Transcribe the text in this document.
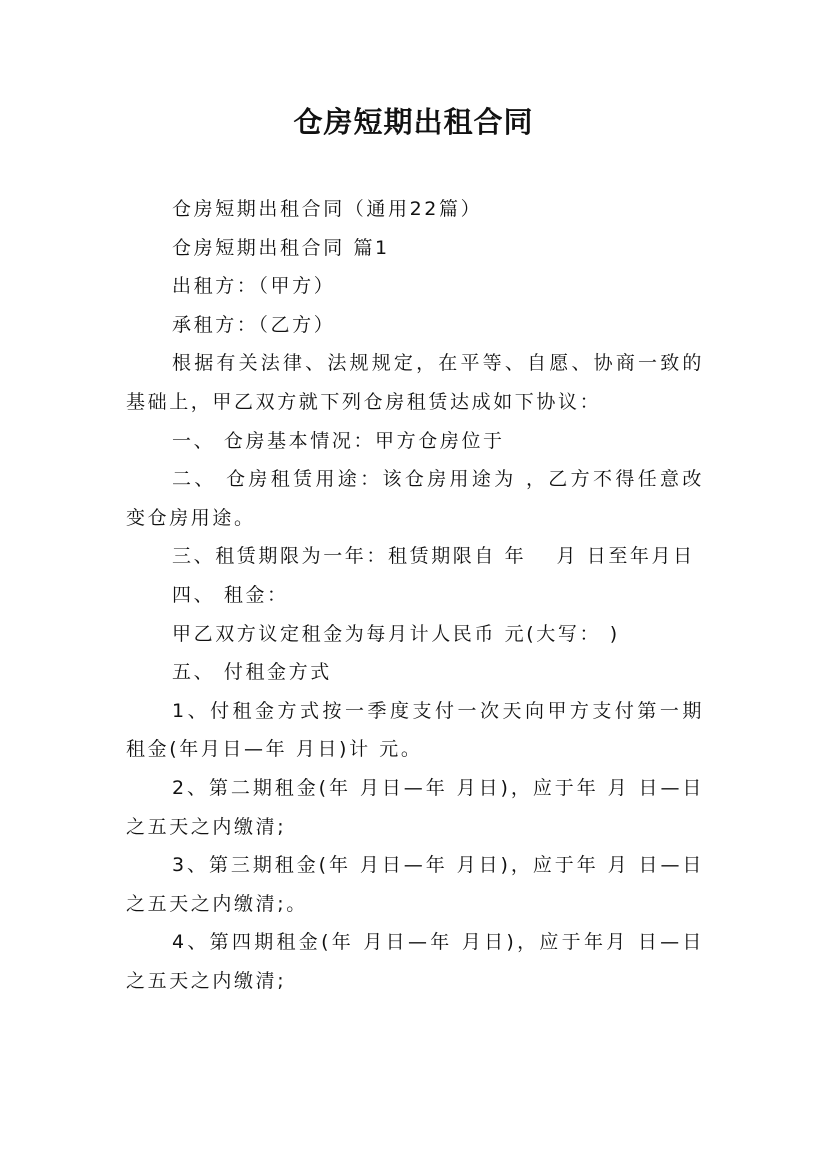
仓房短期出租合同

仓房短期出租合同（通用22篇）

仓房短期出租合同 篇1

出租方：（甲方）

承租方：（乙方）

根据有关法律、法规规定，在平等、自愿、协商一致的基础上，甲乙双方就下列仓房租赁达成如下协议：

一、 仓房基本情况：甲方仓房位于

二、 仓房租赁用途：该仓房用途为 ，乙方不得任意改变仓房用途。

三、租赁期限为一年：租赁期限自 年　 月 日至年月日

四、 租金：

甲乙双方议定租金为每月计人民币 元(大写： )

五、 付租金方式

1、付租金方式按一季度支付一次天向甲方支付第一期租金(年月日—年 月日)计 元。

2、第二期租金(年 月日—年 月日)，应于年 月 日—日之五天之内缴清;

3、第三期租金(年 月日—年 月日)，应于年 月 日—日之五天之内缴清;。

4、第四期租金(年 月日—年 月日)，应于年月 日—日之五天之内缴清;
